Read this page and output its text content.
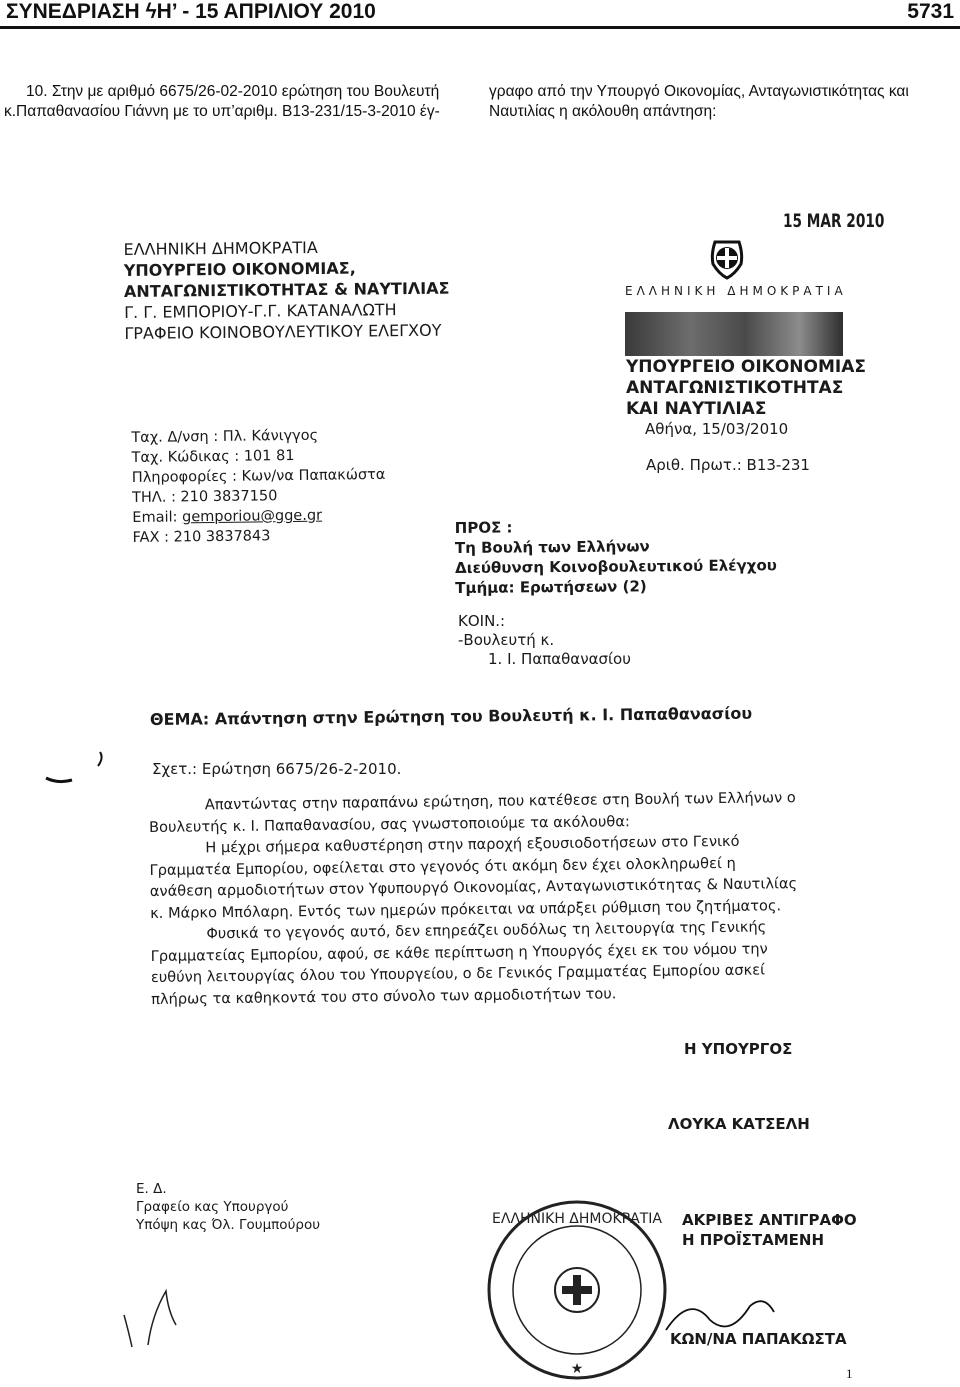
ΣΥΝΕΔΡΙΑΣΗ ϟΗ’ - 15 ΑΠΡΙΛΙΟΥ 2010	5731
10. Στην με αριθμό 6675/26-02-2010 ερώτηση του Βουλευτή
κ.Παπαθανασίου Γιάννη με το υπ’αριθμ. Β13-231/15-3-2010 έγ-
γραφο από την Υπουργό Οικονομίας, Ανταγωνιστικότητας και
Ναυτιλίας η ακόλουθη απάντηση:
15 MAR 2010
ΕΛΛΗΝΙΚΗ ΔΗΜΟΚΡΑΤΙΑ
ΥΠΟΥΡΓΕΙΟ ΟΙΚΟΝΟΜΙΑΣ,
ΑΝΤΑΓΩΝΙΣΤΙΚΟΤΗΤΑΣ & ΝΑΥΤΙΛΙΑΣ
Γ. Γ. ΕΜΠΟΡΙΟΥ-Γ.Γ. ΚΑΤΑΝΑΛΩΤΗ
ΓΡΑΦΕΙΟ ΚΟΙΝΟΒΟΥΛΕΥΤΙΚΟΥ ΕΛΕΓΧΟΥ
ΕΛΛΗΝΙΚΗ ΔΗΜΟΚΡΑΤΙΑ
ΥΠΟΥΡΓΕΙΟ ΟΙΚΟΝΟΜΙΑΣ
ΑΝΤΑΓΩΝΙΣΤΙΚΟΤΗΤΑΣ
ΚΑΙ ΝΑΥΤΙΛΙΑΣ
Αθήνα, 15/03/2010
Αριθ. Πρωτ.: Β13-231
Ταχ. Δ/νση : Πλ. Κάνιγγος
Ταχ. Κώδικας : 101 81
Πληροφορίες : Κων/να Παπακώστα
ΤΗΛ. : 210 3837150
Email: gemporiou@gge.gr
FAX : 210 3837843
ΠΡΟΣ :
Τη Βουλή των Ελλήνων
Διεύθυνση Κοινοβουλευτικού Ελέγχου
Τμήμα: Ερωτήσεων (2)
ΚΟΙΝ.:
-Βουλευτή κ.
1. Ι. Παπαθανασίου
ΘΕΜΑ: Απάντηση στην Ερώτηση του Βουλευτή κ. Ι. Παπαθανασίου
Σχετ.: Ερώτηση 6675/26-2-2010.
Απαντώντας στην παραπάνω ερώτηση, που κατέθεσε στη Βουλή των Ελλήνων ο
Βουλευτής κ. Ι. Παπαθανασίου, σας γνωστοποιούμε τα ακόλουθα:
Η μέχρι σήμερα καθυστέρηση στην παροχή εξουσιοδοτήσεων στο Γενικό
Γραμματέα Εμπορίου, οφείλεται στο γεγονός ότι ακόμη δεν έχει ολοκληρωθεί η
ανάθεση αρμοδιοτήτων στον Υφυπουργό Οικονομίας, Ανταγωνιστικότητας & Ναυτιλίας
κ. Μάρκο Μπόλαρη. Εντός των ημερών πρόκειται να υπάρξει ρύθμιση του ζητήματος.
Φυσικά το γεγονός αυτό, δεν επηρεάζει ουδόλως τη λειτουργία της Γενικής
Γραμματείας Εμπορίου, αφού, σε κάθε περίπτωση η Υπουργός έχει εκ του νόμου την
ευθύνη λειτουργίας όλου του Υπουργείου, ο δε Γενικός Γραμματέας Εμπορίου ασκεί
πλήρως τα καθηκοντά του στο σύνολο των αρμοδιοτήτων του.
Η ΥΠΟΥΡΓΟΣ
ΛΟΥΚΑ ΚΑΤΣΕΛΗ
Ε. Δ.
Γραφείο κας Υπουργού
Υπόψη κας Όλ. Γουμπούρου	ΕΛΛΗΝΙΚΗ ΔΗΜΟΚΡΑΤΙΑ
★
ΑΚΡΙΒΕΣ ΑΝΤΙΓΡΑΦΟ
Η ΠΡΟΪΣΤΑΜΕΝΗ
ΚΩΝ/ΝΑ ΠΑΠΑΚΩΣΤΑ
1
